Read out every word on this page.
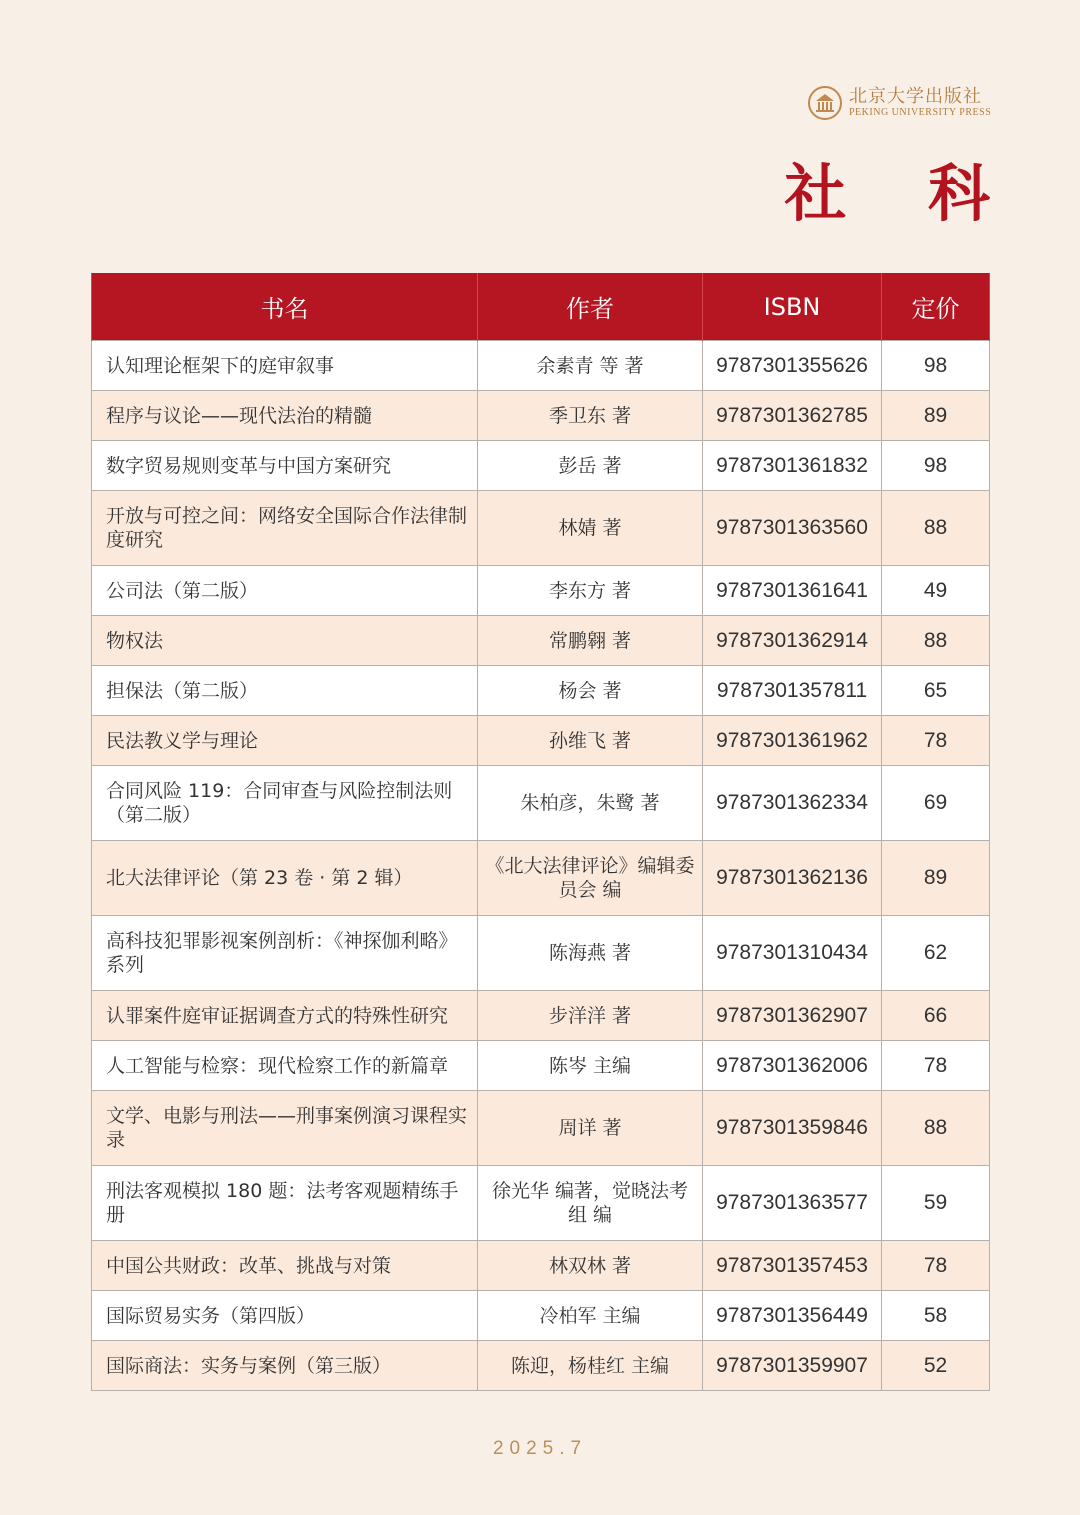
北京大学出版社
PEKING UNIVERSITY PRESS
社 科
书名	作者	ISBN	定价
认知理论框架下的庭审叙事	余素青 等 著	9787301355626	98
程序与议论——现代法治的精髓	季卫东 著	9787301362785	89
数字贸易规则变革与中国方案研究	彭岳 著	9787301361832	98
开放与可控之间：网络安全国际合作法律制度研究	林婧 著	9787301363560	88
公司法（第二版）	李东方 著	9787301361641	49
物权法	常鹏翱 著	9787301362914	88
担保法（第二版）	杨会 著	9787301357811	65
民法教义学与理论	孙维飞 著	9787301361962	78
合同风险 119：合同审查与风险控制法则（第二版）	朱柏彦，朱鹭 著	9787301362334	69
北大法律评论（第 23 卷 · 第 2 辑）	《北大法律评论》编辑委员会 编	9787301362136	89
高科技犯罪影视案例剖析：《神探伽利略》系列	陈海燕 著	9787301310434	62
认罪案件庭审证据调查方式的特殊性研究	步洋洋 著	9787301362907	66
人工智能与检察：现代检察工作的新篇章	陈岑 主编	9787301362006	78
文学、电影与刑法——刑事案例演习课程实录	周详 著	9787301359846	88
刑法客观模拟 180 题：法考客观题精练手册	徐光华 编著，觉晓法考组 编	9787301363577	59
中国公共财政：改革、挑战与对策	林双林 著	9787301357453	78
国际贸易实务（第四版）	冷柏军 主编	9787301356449	58
国际商法：实务与案例（第三版）	陈迎，杨桂红 主编	9787301359907	52
2025.7
